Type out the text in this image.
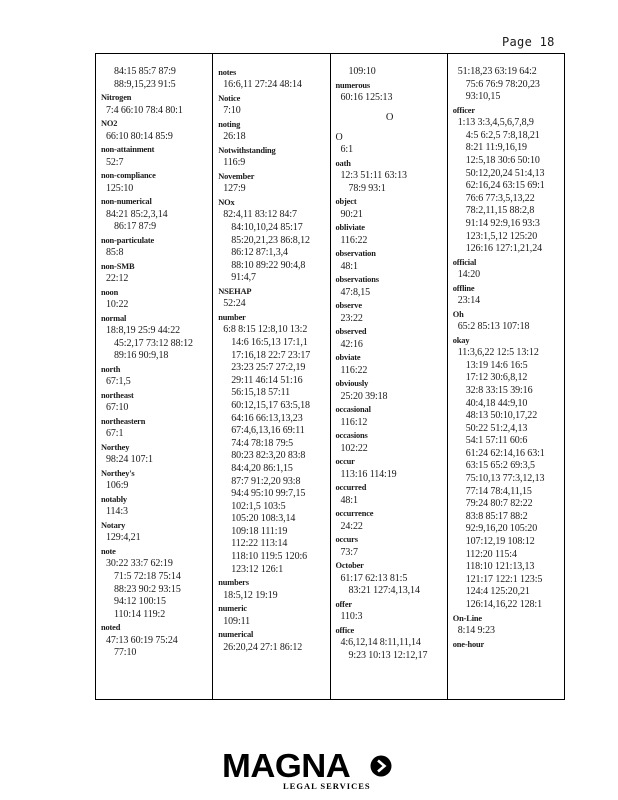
Page 18
84:15 85:7 87:9
88:9,15,23 91:5
Nitrogen
7:4 66:10 78:4 80:1
NO2
66:10 80:14 85:9
non-attainment
52:7
non-compliance
125:10
non-numerical
84:21 85:2,3,14
86:17 87:9
non-particulate
85:8
non-SMB
22:12
noon
10:22
normal
18:8,19 25:9 44:22
45:2,17 73:12 88:12
89:16 90:9,18
north
67:1,5
northeast
67:10
northeastern
67:1
Northey
98:24 107:1
Northey's
106:9
notably
114:3
Notary
129:4,21
note
30:22 33:7 62:19
71:5 72:18 75:14
88:23 90:2 93:15
94:12 100:15
110:14 119:2
noted
47:13 60:19 75:24
77:10
notes
16:6,11 27:24 48:14
Notice
7:10
noting
26:18
Notwithstanding
116:9
November
127:9
NOx
82:4,11 83:12 84:7
84:10,10,24 85:17
85:20,21,23 86:8,12
86:12 87:1,3,4
88:10 89:22 90:4,8
91:4,7
NSEHAP
52:24
number
6:8 8:15 12:8,10 13:2
14:6 16:5,13 17:1,1
17:16,18 22:7 23:17
23:23 25:7 27:2,19
29:11 46:14 51:16
56:15,18 57:11
60:12,15,17 63:5,18
64:16 66:13,13,23
67:4,6,13,16 69:11
74:4 78:18 79:5
80:23 82:3,20 83:8
84:4,20 86:1,15
87:7 91:2,20 93:8
94:4 95:10 99:7,15
102:1,5 103:5
105:20 108:3,14
109:18 111:19
112:22 113:14
118:10 119:5 120:6
123:12 126:1
numbers
18:5,12 19:19
numeric
109:11
numerical
26:20,24 27:1 86:12
109:10
numerous
60:16 125:13
O
O
6:1
oath
12:3 51:11 63:13
78:9 93:1
object
90:21
obliviate
116:22
observation
48:1
observations
47:8,15
observe
23:22
observed
42:16
obviate
116:22
obviously
25:20 39:18
occasional
116:12
occasions
102:22
occur
113:16 114:19
occurred
48:1
occurrence
24:22
occurs
73:7
October
61:17 62:13 81:5
83:21 127:4,13,14
offer
110:3
office
4:6,12,14 8:11,11,14
9:23 10:13 12:12,17
51:18,23 63:19 64:2
75:6 76:9 78:20,23
93:10,15
officer
1:13 3:3,4,5,6,7,8,9
4:5 6:2,5 7:8,18,21
8:21 11:9,16,19
12:5,18 30:6 50:10
50:12,20,24 51:4,13
62:16,24 63:15 69:1
76:6 77:3,5,13,22
78:2,11,15 88:2,8
91:14 92:9,16 93:3
123:1,5,12 125:20
126:16 127:1,21,24
official
14:20
offline
23:14
Oh
65:2 85:13 107:18
okay
11:3,6,22 12:5 13:12
13:19 14:6 16:5
17:12 30:6,8,12
32:8 33:15 39:16
40:4,18 44:9,10
48:13 50:10,17,22
50:22 51:2,4,13
54:1 57:11 60:6
61:24 62:14,16 63:1
63:15 65:2 69:3,5
75:10,13 77:3,12,13
77:14 78:4,11,15
79:24 80:7 82:22
83:8 85:17 88:2
92:9,16,20 105:20
107:12,19 108:12
112:20 115:4
118:10 121:13,13
121:17 122:1 123:5
124:4 125:20,21
126:14,16,22 128:1
On-Line
8:14 9:23
one-hour
MAGNA
LEGAL SERVICES
